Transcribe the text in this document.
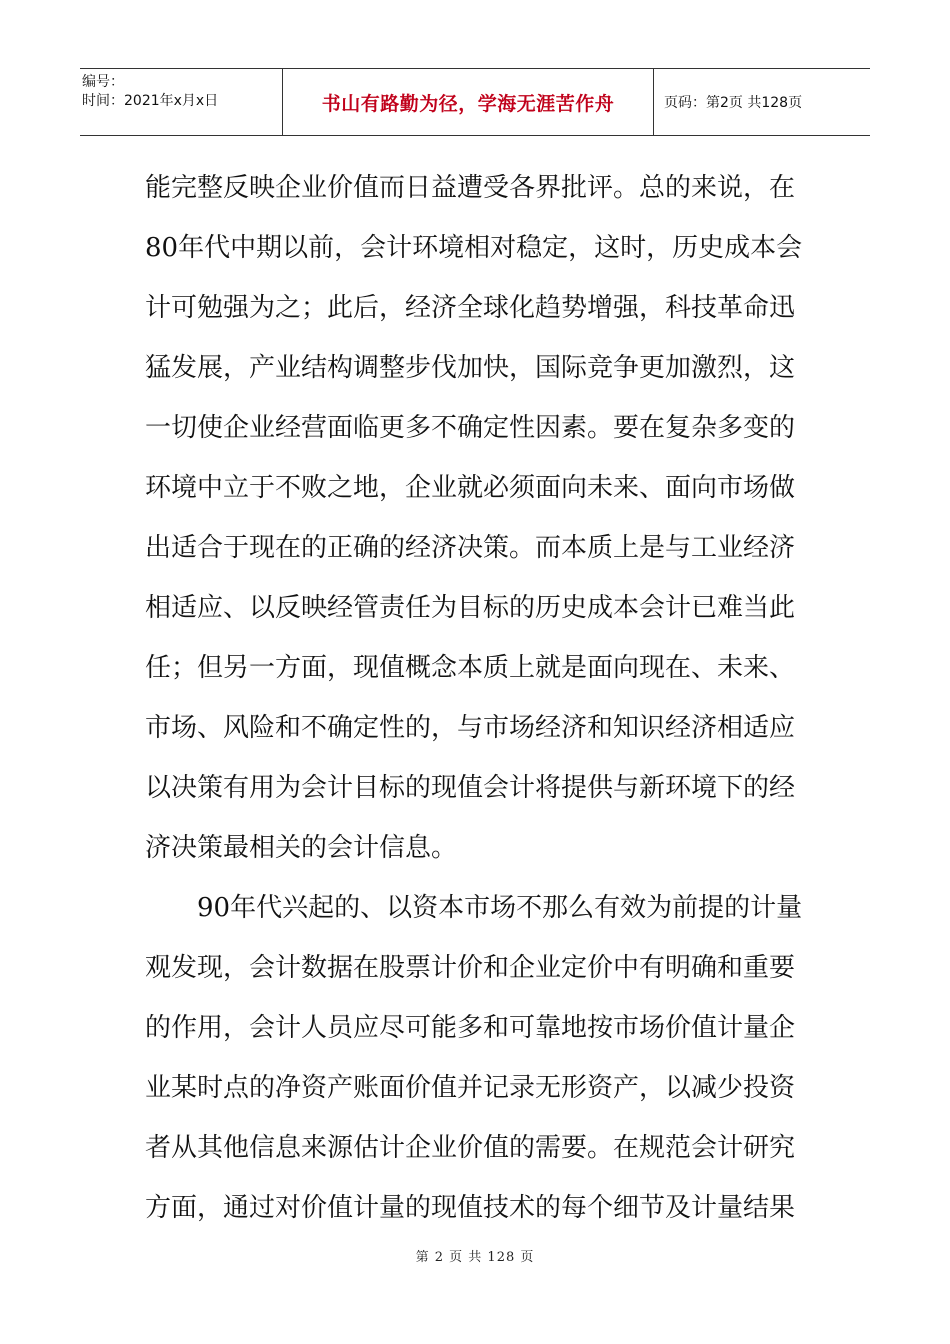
编号：
时间：2021年x月x日	书山有路勤为径，学海无涯苦作舟	页码：第2页 共128页
能完整反映企业价值而日益遭受各界批评。总的来说，在
80年代中期以前，会计环境相对稳定，这时，历史成本会
计可勉强为之；此后，经济全球化趋势增强，科技革命迅
猛发展，产业结构调整步伐加快，国际竞争更加激烈，这
一切使企业经营面临更多不确定性因素。要在复杂多变的
环境中立于不败之地，企业就必须面向未来、面向市场做
出适合于现在的正确的经济决策。而本质上是与工业经济
相适应、以反映经管责任为目标的历史成本会计已难当此
任；但另一方面，现值概念本质上就是面向现在、未来、
市场、风险和不确定性的，与市场经济和知识经济相适应
以决策有用为会计目标的现值会计将提供与新环境下的经
济决策最相关的会计信息。
　　90年代兴起的、以资本市场不那么有效为前提的计量
观发现，会计数据在股票计价和企业定价中有明确和重要
的作用，会计人员应尽可能多和可靠地按市场价值计量企
业某时点的净资产账面价值并记录无形资产，以减少投资
者从其他信息来源估计企业价值的需要。在规范会计研究
方面，通过对价值计量的现值技术的每个细节及计量结果
第 2 页 共 128 页
